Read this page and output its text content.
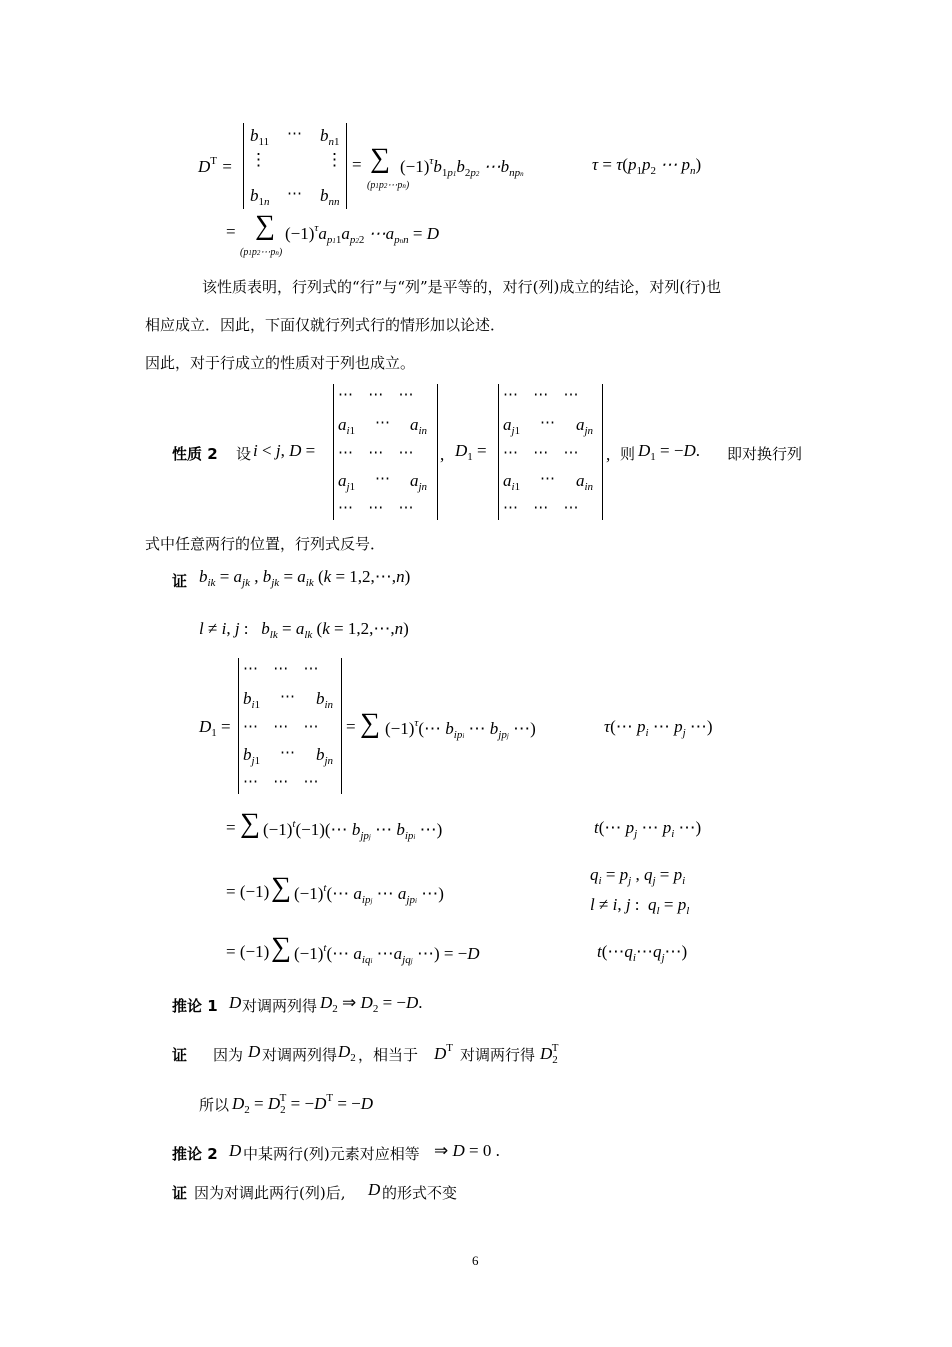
$D^T$ =
$b_{11}$ ⋯ $b_{n1}$
⋮	⋮
$b_{1n}$ ⋯ $b_{nn}$
= ∑
(p1p2⋯pn)
$(-1)^\tau b_{1p1}b_{2p2}$ $\cdots b_{npn}$	$\tau = \tau(p_1p_2$ ⋯ $p_n$)
= ∑
(p1p2⋯pn)
$(-1)^\tau a_{p11}a_{p22}$ $\cdots a_{pnn} = D$
该性质表明，行列式的“行”与“列”是平等的，对行(列)成立的结论，对列(行)也
相应成立．因此，下面仅就行列式行的情形加以论述．
因此，对于行成立的性质对于列也成立。
性质 2 设 i < j, D =
⋯   ⋯   ⋯
$a_{i1}$ ⋯ $a_{in}$
⋯   ⋯   ⋯
$a_{j1}$ ⋯ $a_{jn}$
⋯   ⋯   ⋯
, $D_1$ =
⋯   ⋯   ⋯
$a_{j1}$ ⋯ $a_{jn}$
⋯   ⋯   ⋯
$a_{i1}$ ⋯ $a_{in}$
⋯   ⋯   ⋯
, 则 $D_1 = -D$. 即对换行列
式中任意两行的位置，行列式反号．
证 $b_{ik} = a_{jk}$ , $b_{jk} = a_{ik}$ (k = 1,2,⋯,n)
l ≠ i, j :   $b_{lk} = a_{lk}$ (k = 1,2,⋯,n)
$D_1$ =
⋯   ⋯   ⋯
$b_{i1}$ ⋯ $b_{in}$
⋯   ⋯   ⋯
$b_{j1}$ ⋯ $b_{jn}$
⋯   ⋯   ⋯
= ∑ $(-1)^\tau(\cdots$ $b_{ipi}$ ⋯ $b_{jpj}$ ⋯)	τ(⋯ $p_i$ ⋯ $p_j$ ⋯)
= ∑ $(-1)^t(-1)(\cdots$ $b_{jpj}$ ⋯ $b_{ipi}$ ⋯)	t(⋯ $p_j$ ⋯ $p_i$ ⋯)
= (−1) ∑ $(-1)^t(\cdots$ $a_{ipj}$ ⋯ $a_{jpi}$ ⋯)
$q_i = p_j$ , $q_j = p_i$
l ≠ i, j :  $q_l = p_l$
= (−1) ∑ $(-1)^t(\cdots$ $a_{iqi}$ $\cdots a_{jqj}$ ⋯) = −D	$t(\cdots q_i\cdots q_j\cdots)$
推论 1 D 对调两列得 $D_2$ ⇒ $D_2 = -D$.
证 因为 D 对调两列得 $D_2$ ，相当于 $D^T$ 对调两行得 $D_2^T$
所以 $D_2 = D_2^T = -D^T = -D$
推论 2 D 中某两行(列)元素对应相等 ⇒ D = 0 .
证 因为对调此两行(列)后, D 的形式不变
6
